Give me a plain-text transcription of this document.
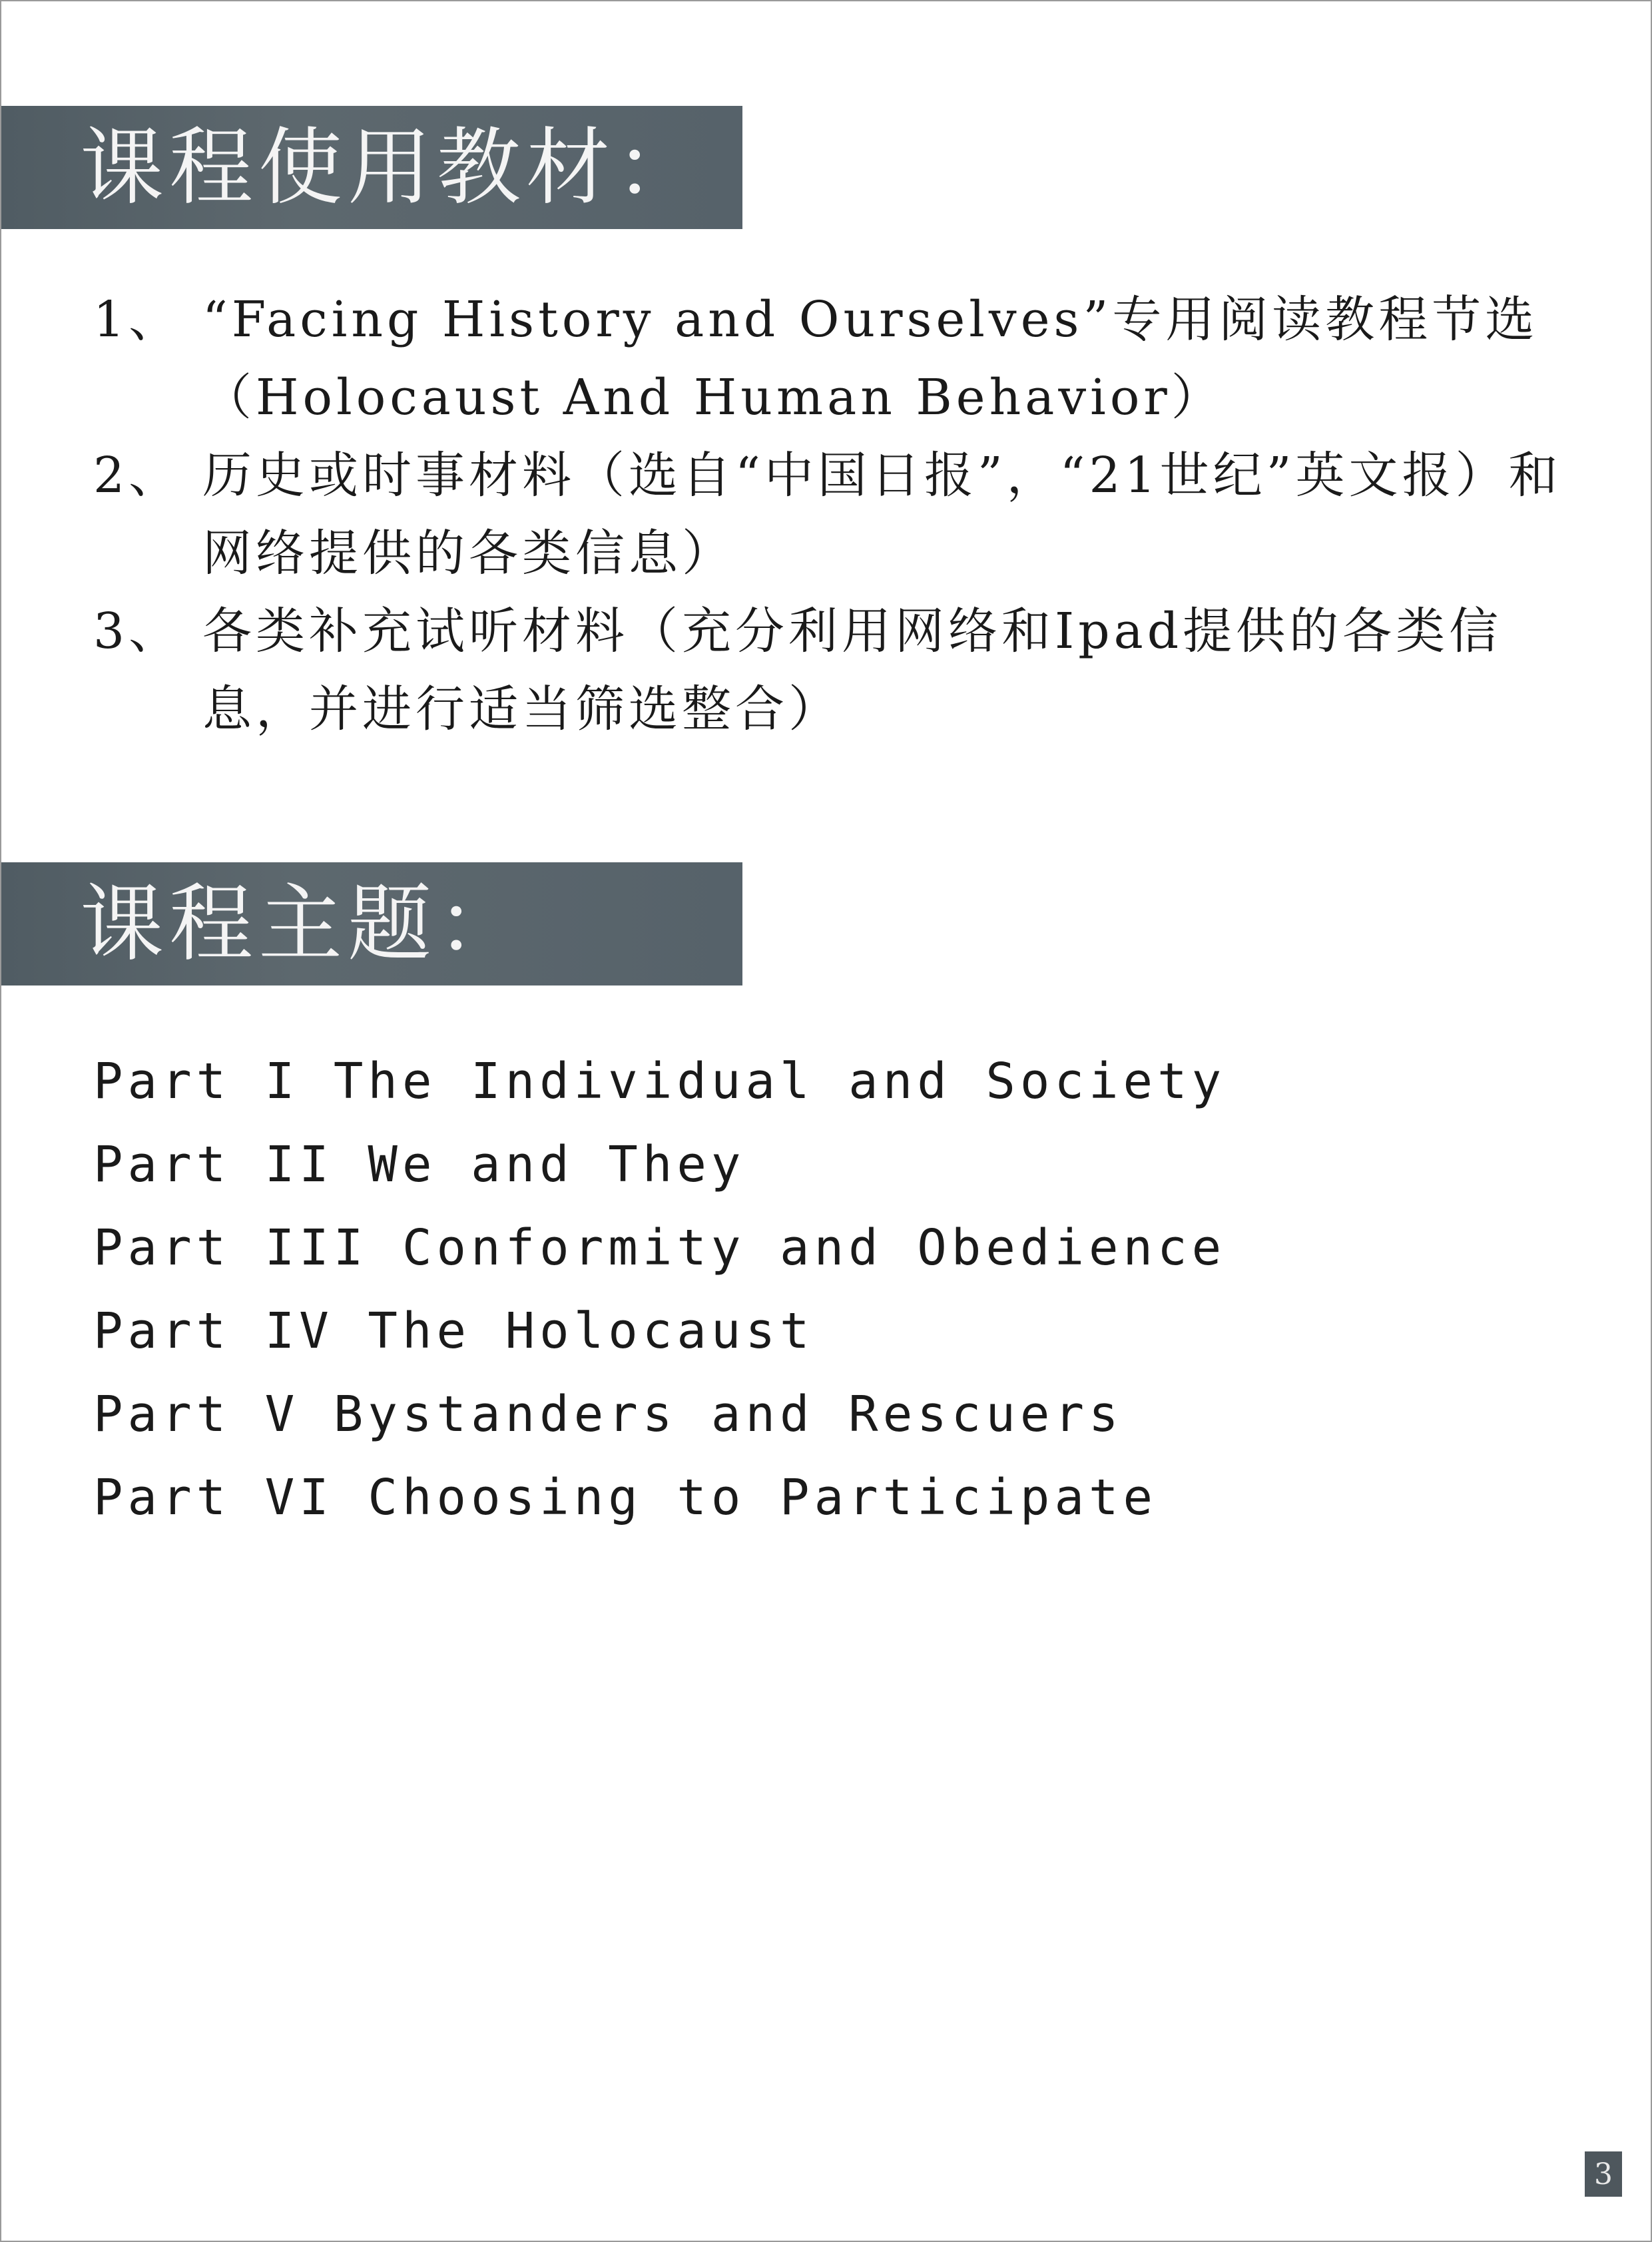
课程使用教材：
1、 “Facing History and Ourselves”专用阅读教程节选（Holocaust And Human Behavior）
2、 历史或时事材料（选自“中国日报”，“21世纪”英文报）和网络提供的各类信息）
3、 各类补充试听材料（充分利用网络和Ipad提供的各类信息，并进行适当筛选整合）
课程主题：
Part I The Individual and Society
Part II We and They
Part III Conformity and Obedience
Part IV The Holocaust
Part V Bystanders and Rescuers
Part VI Choosing to Participate
3
